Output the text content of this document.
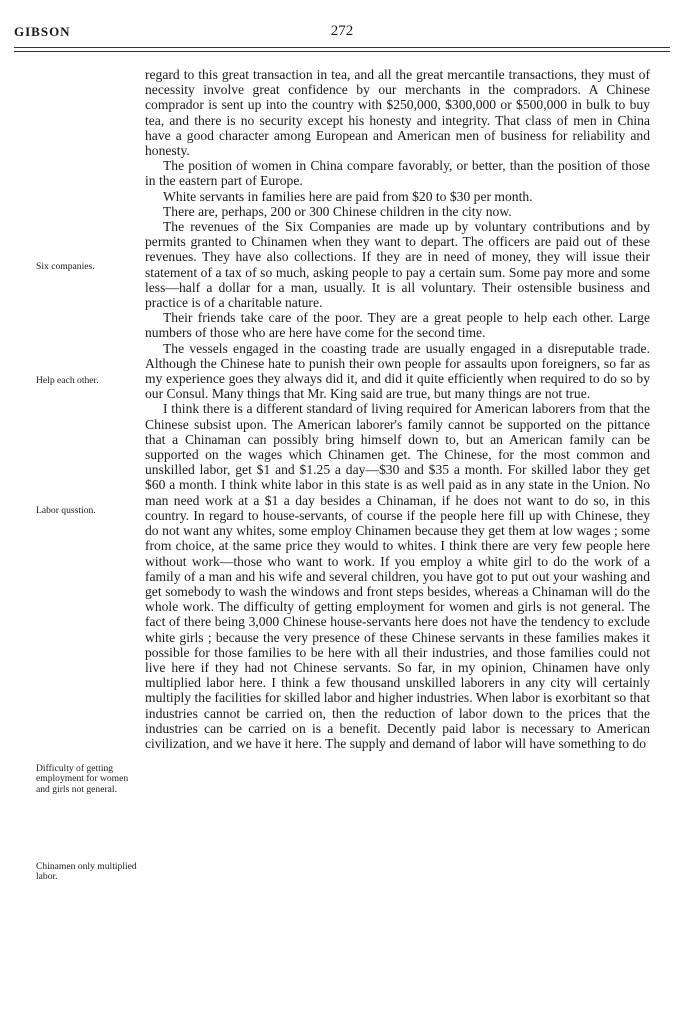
GIBSON	272
Six companies.
Help each other.
Labor qusstion.
Difficulty of getting employment for women and girls not general.
Chinamen only multiplied labor.

regard to this great transaction in tea, and all the great mercantile transactions, they must of necessity involve great confidence by our merchants in the compradors. A Chinese comprador is sent up into the country with $250,000, $300,000 or $500,000 in bulk to buy tea, and there is no security except his honesty and integrity. That class of men in China have a good character among European and American men of business for reliability and honesty.

The position of women in China compare favorably, or better, than the position of those in the eastern part of Europe.

White servants in families here are paid from $20 to $30 per month.

There are, perhaps, 200 or 300 Chinese children in the city now.

The revenues of the Six Companies are made up by voluntary contributions and by permits granted to Chinamen when they want to depart. The officers are paid out of these revenues. They have also collections. If they are in need of money, they will issue their statement of a tax of so much, asking people to pay a certain sum. Some pay more and some less—half a dollar for a man, usually. It is all voluntary. Their ostensible business and practice is of a charitable nature.

Their friends take care of the poor. They are a great people to help each other. Large numbers of those who are here have come for the second time.

The vessels engaged in the coasting trade are usually engaged in a disreputable trade. Although the Chinese hate to punish their own people for assaults upon foreigners, so far as my experience goes they always did it, and did it quite efficiently when required to do so by our Consul. Many things that Mr. King said are true, but many things are not true.

I think there is a different standard of living required for American laborers from that the Chinese subsist upon. The American laborer's family cannot be supported on the pittance that a Chinaman can possibly bring himself down to, but an American family can be supported on the wages which Chinamen get. The Chinese, for the most common and unskilled labor, get $1 and $1.25 a day—$30 and $35 a month. For skilled labor they get $60 a month. I think white labor in this state is as well paid as in any state in the Union. No man need work at a $1 a day besides a Chinaman, if he does not want to do so, in this country. In regard to house-servants, of course if the people here fill up with Chinese, they do not want any whites, some employ Chinamen because they get them at low wages ; some from choice, at the same price they would to whites. I think there are very few people here without work—those who want to work. If you employ a white girl to do the work of a family of a man and his wife and several children, you have got to put out your washing and get somebody to wash the windows and front steps besides, whereas a Chinaman will do the whole work. The difficulty of getting employment for women and girls is not general. The fact of there being 3,000 Chinese house-servants here does not have the tendency to exclude white girls ; because the very presence of these Chinese servants in these families makes it possible for those families to be here with all their industries, and those families could not live here if they had not Chinese servants. So far, in my opinion, Chinamen have only multiplied labor here. I think a few thousand unskilled laborers in any city will certainly multiply the facilities for skilled labor and higher industries. When labor is exorbitant so that industries cannot be carried on, then the reduction of labor down to the prices that the industries can be carried on is a benefit. Decently paid labor is necessary to American civilization, and we have it here. The supply and demand of labor will have something to do
